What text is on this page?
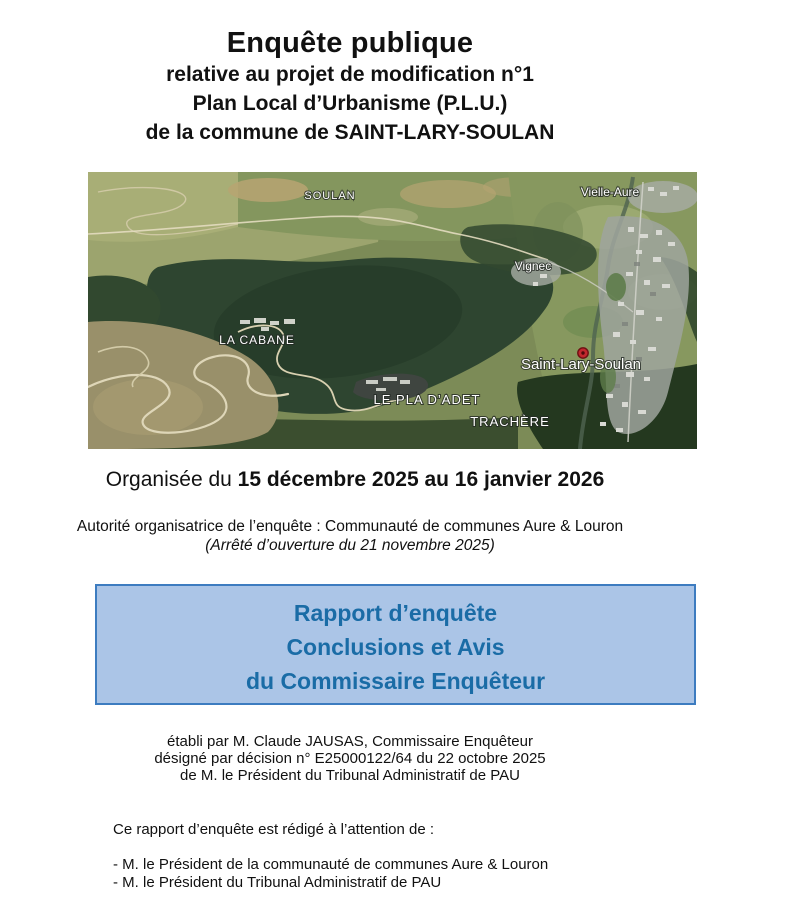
Enquête publique
relative au projet de modification n°1
Plan Local d’Urbanisme (P.L.U.)
de la commune de SAINT-LARY-SOULAN
SOULAN	Vielle-Aure
Vignec
LA CABANE
Saint-Lary-Soulan
LE PLA D’ADET
TRACHÈRE
Organisée du 15 décembre 2025 au 16 janvier 2026
Autorité organisatrice de l’enquête : Communauté de communes Aure & Louron
(Arrêté d’ouverture du 21 novembre 2025)
Rapport d’enquête
Conclusions et Avis
du Commissaire Enquêteur
établi par M. Claude JAUSAS, Commissaire Enquêteur
désigné par décision n° E25000122/64 du 22 octobre 2025
de M. le Président du Tribunal Administratif de PAU
Ce rapport d’enquête est rédigé à l’attention de :
- M. le Président de la communauté de communes Aure & Louron
- M. le Président du Tribunal Administratif de PAU
